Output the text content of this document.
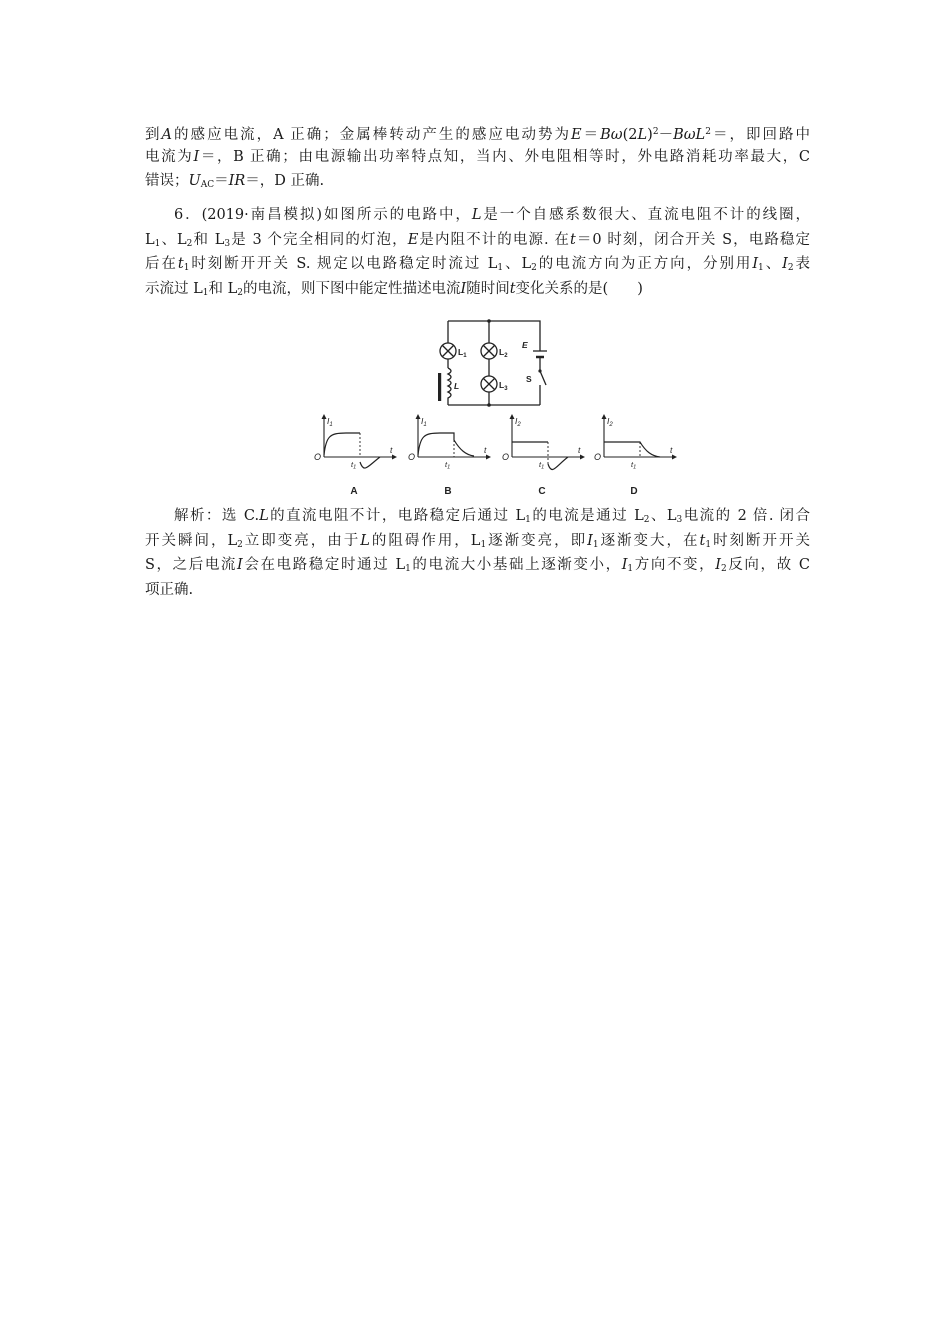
到A的感应电流，A 正确；金属棒转动产生的感应电动势为$E=B\omega(2L)^2-B\omega L^2=$，即回路中
电流为I＝，B 正确；由电源输出功率特点知，当内、外电阻相等时，外电路消耗功率最大，C
错误；$U_{AC}=IR=$，D 正确.
6．(2019·南昌模拟)如图所示的电路中，L是一个自感系数很大、直流电阻不计的线圈，
$L_1$、$L_2$和 $L_3$是 3 个完全相同的灯泡，E是内阻不计的电源. 在t＝0 时刻，闭合开关 S，电路稳定
后在$t_1$时刻断开开关 S. 规定以电路稳定时流过 $L_1$、$L_2$的电流方向为正方向，分别用$I_1$、$I_2$表
示流过 $L_1$和 $L_2$的电流，则下图中能定性描述电流I随时间t变化关系的是(　　)
$L_1$	$L_2$
$L_3$
L
E
S
$I_1$
O
$t_1$
t
A
$I_1$
O
$t_1$
t
B
$I_2$
O
$t_1$
t
C
$I_2$
O
$t_1$
t
D
解析：选 C.L的直流电阻不计，电路稳定后通过 $L_1$的电流是通过 $L_2$、$L_3$电流的 2 倍. 闭合
开关瞬间，$L_2$立即变亮，由于L的阻碍作用，$L_1$逐渐变亮，即$I_1$逐渐变大，在$t_1$时刻断开开关
S，之后电流I会在电路稳定时通过 $L_1$的电流大小基础上逐渐变小，$I_1$方向不变，$I_2$反向，故 C
项正确.
